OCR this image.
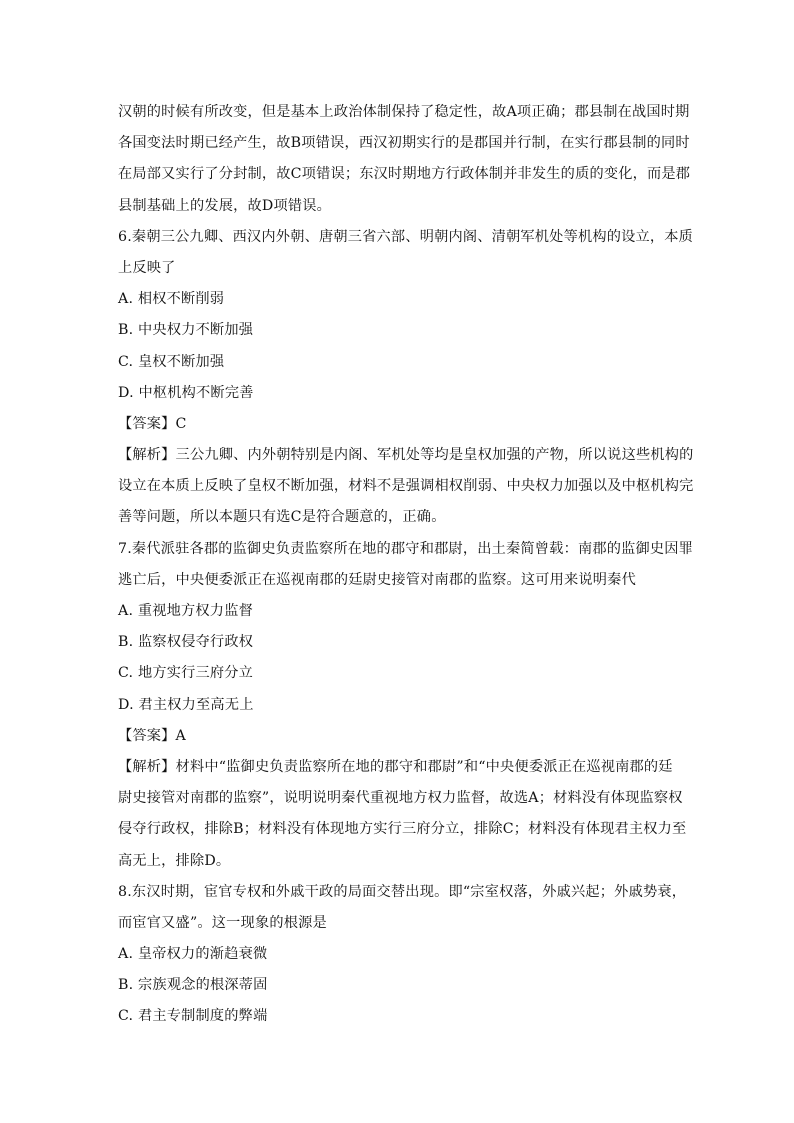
汉朝的时候有所改变，但是基本上政治体制保持了稳定性，故A项正确；郡县制在战国时期
各国变法时期已经产生，故B项错误，西汉初期实行的是郡国并行制，在实行郡县制的同时
在局部又实行了分封制，故C项错误；东汉时期地方行政体制并非发生的质的变化，而是郡
县制基础上的发展，故D项错误。
6.秦朝三公九卿、西汉内外朝、唐朝三省六部、明朝内阁、清朝军机处等机构的设立，本质
上反映了
A. 相权不断削弱
B. 中央权力不断加强
C. 皇权不断加强
D. 中枢机构不断完善
【答案】C
【解析】三公九卿、内外朝特别是内阁、军机处等均是皇权加强的产物，所以说这些机构的
设立在本质上反映了皇权不断加强，材料不是强调相权削弱、中央权力加强以及中枢机构完
善等问题，所以本题只有选C是符合题意的，正确。
7.秦代派驻各郡的监御史负责监察所在地的郡守和郡尉，出土秦简曾载：南郡的监御史因罪
逃亡后，中央便委派正在巡视南郡的廷尉史接管对南郡的监察。这可用来说明秦代
A. 重视地方权力监督
B. 监察权侵夺行政权
C. 地方实行三府分立
D. 君主权力至高无上
【答案】A
【解析】材料中“监御史负责监察所在地的郡守和郡尉”和“中央便委派正在巡视南郡的廷
尉史接管对南郡的监察”，说明说明秦代重视地方权力监督，故选A；材料没有体现监察权
侵夺行政权，排除B；材料没有体现地方实行三府分立，排除C；材料没有体现君主权力至
高无上，排除D。
8.东汉时期，宦官专权和外戚干政的局面交替出现。即“宗室权落，外戚兴起；外戚势衰，
而宦官又盛”。这一现象的根源是
A. 皇帝权力的渐趋衰微
B. 宗族观念的根深蒂固
C. 君主专制制度的弊端
